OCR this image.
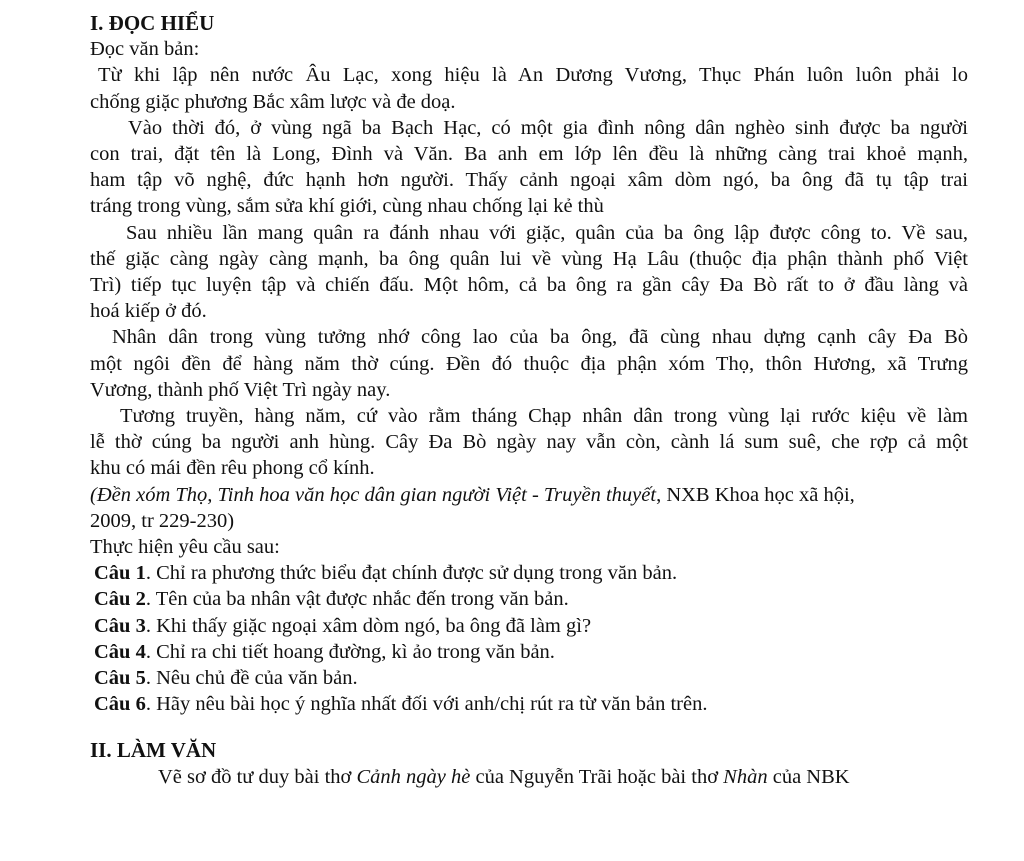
I. ĐỌC HIỂU
Đọc văn bản:
Từ khi lập nên nước Âu Lạc, xong hiệu là An Dương Vương, Thục Phán luôn luôn phải lo
chống giặc phương Bắc xâm lược và đe doạ.
Vào thời đó, ở vùng ngã ba Bạch Hạc, có một gia đình nông dân nghèo sinh được ba người
con trai, đặt tên là Long, Đình và Văn. Ba anh em lớp lên đều là những càng trai khoẻ mạnh,
ham tập võ nghệ, đức hạnh hơn người. Thấy cảnh ngoại xâm dòm ngó, ba ông đã tụ tập trai
tráng trong vùng, sắm sửa khí giới, cùng nhau chống lại kẻ thù
Sau nhiều lần mang quân ra đánh nhau với giặc, quân của ba ông lập được công to. Về sau,
thế giặc càng ngày càng mạnh, ba ông quân lui về vùng Hạ Lâu (thuộc địa phận thành phố Việt
Trì) tiếp tục luyện tập và chiến đấu. Một hôm, cả ba ông ra gần cây Đa Bò rất to ở đầu làng và
hoá kiếp ở đó.
Nhân dân trong vùng tưởng nhớ công lao của ba ông, đã cùng nhau dựng cạnh cây Đa Bò
một ngôi đền để hàng năm thờ cúng. Đền đó thuộc địa phận xóm Thọ, thôn Hương, xã Trưng
Vương, thành phố Việt Trì ngày nay.
Tương truyền, hàng năm, cứ vào rằm tháng Chạp nhân dân trong vùng lại rước kiệu về làm
lễ thờ cúng ba người anh hùng. Cây Đa Bò ngày nay vẫn còn, cành lá sum suê, che rợp cả một
khu có mái đền rêu phong cổ kính.
(Đền xóm Thọ, Tinh hoa văn học dân gian người Việt - Truyền thuyết, NXB Khoa học xã hội,
2009, tr 229-230)
Thực hiện yêu cầu sau:
Câu 1. Chỉ ra phương thức biểu đạt chính được sử dụng trong văn bản.
Câu 2. Tên của ba nhân vật được nhắc đến trong văn bản.
Câu 3. Khi thấy giặc ngoại xâm dòm ngó, ba ông đã làm gì?
Câu 4. Chỉ ra chi tiết hoang đường, kì ảo trong văn bản.
Câu 5. Nêu chủ đề của văn bản.
Câu 6. Hãy nêu bài học ý nghĩa nhất đối với anh/chị rút ra từ văn bản trên.
II. LÀM VĂN
Vẽ sơ đồ tư duy bài thơ Cảnh ngày hè của Nguyễn Trãi hoặc bài thơ Nhàn của NBK
